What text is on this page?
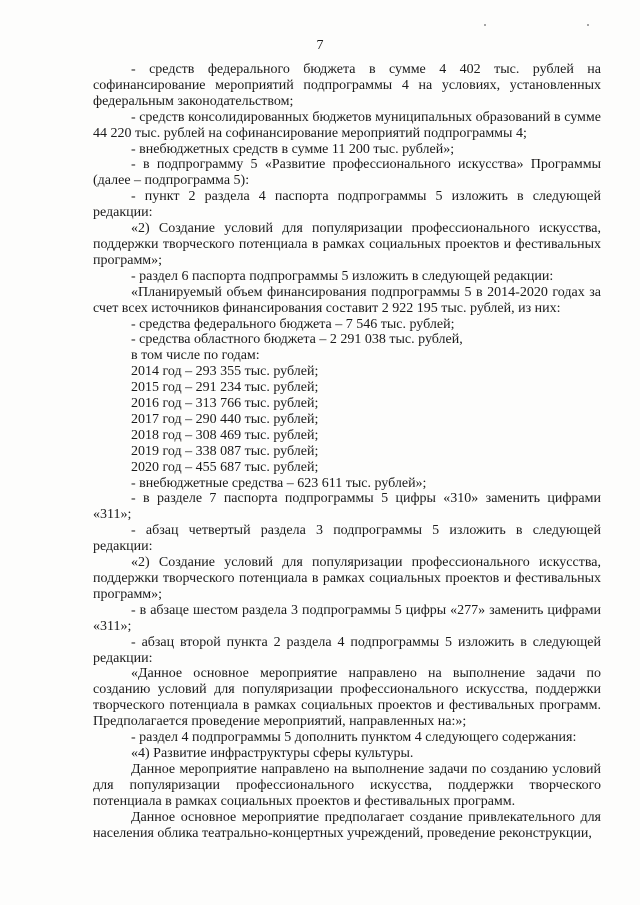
7

- средств федерального бюджета в сумме 4 402 тыс. рублей на софинансирование мероприятий подпрограммы 4 на условиях, установленных федеральным законодательством;

- средств консолидированных бюджетов муниципальных образований в сумме 44 220 тыс. рублей на софинансирование мероприятий подпрограммы 4;

- внебюджетных средств в сумме 11 200 тыс. рублей»;

- в подпрограмму 5 «Развитие профессионального искусства» Программы (далее – подпрограмма 5):

- пункт 2 раздела 4 паспорта подпрограммы 5 изложить в следующей редакции:

«2) Создание условий для популяризации профессионального искусства, поддержки творческого потенциала в рамках социальных проектов и фестивальных программ»;

- раздел 6 паспорта подпрограммы 5 изложить в следующей редакции:

«Планируемый объем финансирования подпрограммы 5 в 2014-2020 годах за счет всех источников финансирования составит 2 922 195 тыс. рублей, из них:

- средства федерального бюджета – 7 546 тыс. рублей;

- средства областного бюджета – 2 291 038 тыс. рублей,

в том числе по годам:

2014 год – 293 355 тыс. рублей;

2015 год – 291 234 тыс. рублей;

2016 год – 313 766 тыс. рублей;

2017 год – 290 440 тыс. рублей;

2018 год – 308 469 тыс. рублей;

2019 год – 338 087 тыс. рублей;

2020 год – 455 687 тыс. рублей;

- внебюджетные средства – 623 611 тыс. рублей»;

- в разделе 7 паспорта подпрограммы 5 цифры «310» заменить цифрами «311»;

- абзац четвертый раздела 3 подпрограммы 5 изложить в следующей редакции:

«2) Создание условий для популяризации профессионального искусства, поддержки творческого потенциала в рамках социальных проектов и фестивальных программ»;

- в абзаце шестом раздела 3 подпрограммы 5 цифры «277» заменить цифрами «311»;

- абзац второй пункта 2 раздела 4 подпрограммы 5 изложить в следующей редакции:

«Данное основное мероприятие направлено на выполнение задачи по созданию условий для популяризации профессионального искусства, поддержки творческого потенциала в рамках социальных проектов и фестивальных программ. Предполагается проведение мероприятий, направленных на:»;

- раздел 4 подпрограммы 5 дополнить пунктом 4 следующего содержания:

«4) Развитие инфраструктуры сферы культуры.

Данное мероприятие направлено на выполнение задачи по созданию условий для популяризации профессионального искусства, поддержки творческого потенциала в рамках социальных проектов и фестивальных программ.

Данное основное мероприятие предполагает создание привлекательного для населения облика театрально-концертных учреждений, проведение реконструкции,
